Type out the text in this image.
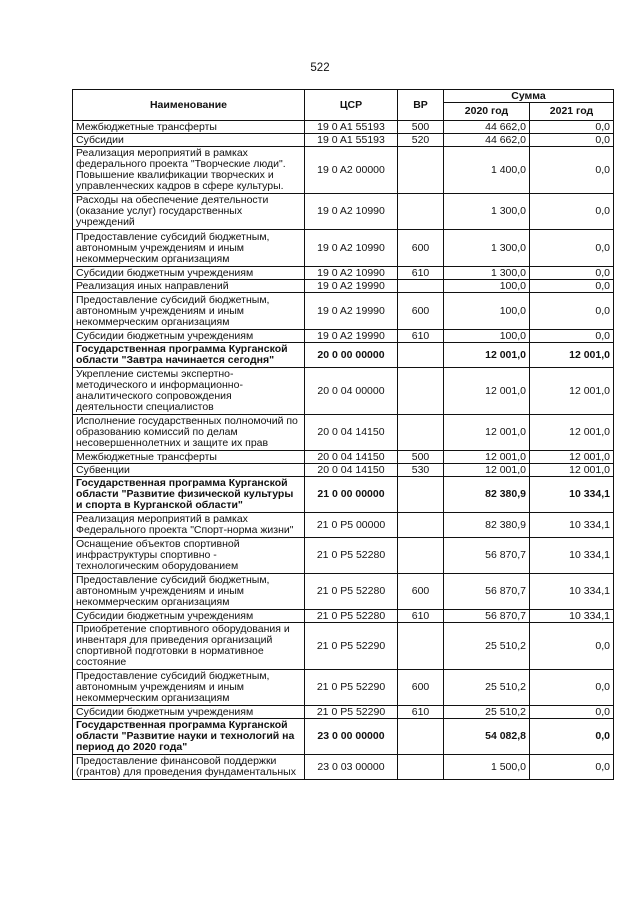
522
Наименование	ЦСР	ВР	Сумма	
			2020 год	2021 год
Межбюджетные трансферты	19 0 A1 55193	500	44 662,0	0,0
Субсидии	19 0 A1 55193	520	44 662,0	0,0
Реализация мероприятий в рамках федерального проекта "Творческие люди". Повышение квалификации творческих и управленческих кадров в сфере культуры.	19 0 A2 00000		1 400,0	0,0
Расходы на обеспечение деятельности (оказание услуг) государственных учреждений	19 0 A2 10990		1 300,0	0,0
Предоставление субсидий бюджетным, автономным учреждениям и иным некоммерческим организациям	19 0 A2 10990	600	1 300,0	0,0
Субсидии бюджетным учреждениям	19 0 A2 10990	610	1 300,0	0,0
Реализация иных направлений	19 0 A2 19990		100,0	0,0
Предоставление субсидий бюджетным, автономным учреждениям и иным некоммерческим организациям	19 0 A2 19990	600	100,0	0,0
Субсидии бюджетным учреждениям	19 0 A2 19990	610	100,0	0,0
Государственная программа Курганской области "Завтра начинается сегодня"	20 0 00 00000		12 001,0	12 001,0
Укрепление системы экспертно-методического и информационно-аналитического сопровождения деятельности специалистов	20 0 04 00000		12 001,0	12 001,0
Исполнение государственных полномочий по образованию комиссий по делам несовершеннолетних и защите их прав	20 0 04 14150		12 001,0	12 001,0
Межбюджетные трансферты	20 0 04 14150	500	12 001,0	12 001,0
Субвенции	20 0 04 14150	530	12 001,0	12 001,0
Государственная программа Курганской области "Развитие физической культуры и спорта в Курганской области"	21 0 00 00000		82 380,9	10 334,1
Реализация мероприятий в рамках Федерального проекта "Спорт-норма жизни"	21 0 P5 00000		82 380,9	10 334,1
Оснащение объектов спортивной инфраструктуры спортивно - технологическим оборудованием	21 0 P5 52280		56 870,7	10 334,1
Предоставление субсидий бюджетным, автономным учреждениям и иным некоммерческим организациям	21 0 P5 52280	600	56 870,7	10 334,1
Субсидии бюджетным учреждениям	21 0 P5 52280	610	56 870,7	10 334,1
Приобретение спортивного оборудования и инвентаря для приведения организаций спортивной подготовки в нормативное состояние	21 0 P5 52290		25 510,2	0,0
Предоставление субсидий бюджетным, автономным учреждениям и иным некоммерческим организациям	21 0 P5 52290	600	25 510,2	0,0
Субсидии бюджетным учреждениям	21 0 P5 52290	610	25 510,2	0,0
Государственная программа Курганской области "Развитие науки и технологий на период до 2020 года"	23 0 00 00000		54 082,8	0,0
Предоставление финансовой поддержки (грантов) для проведения фундаментальных	23 0 03 00000		1 500,0	0,0
